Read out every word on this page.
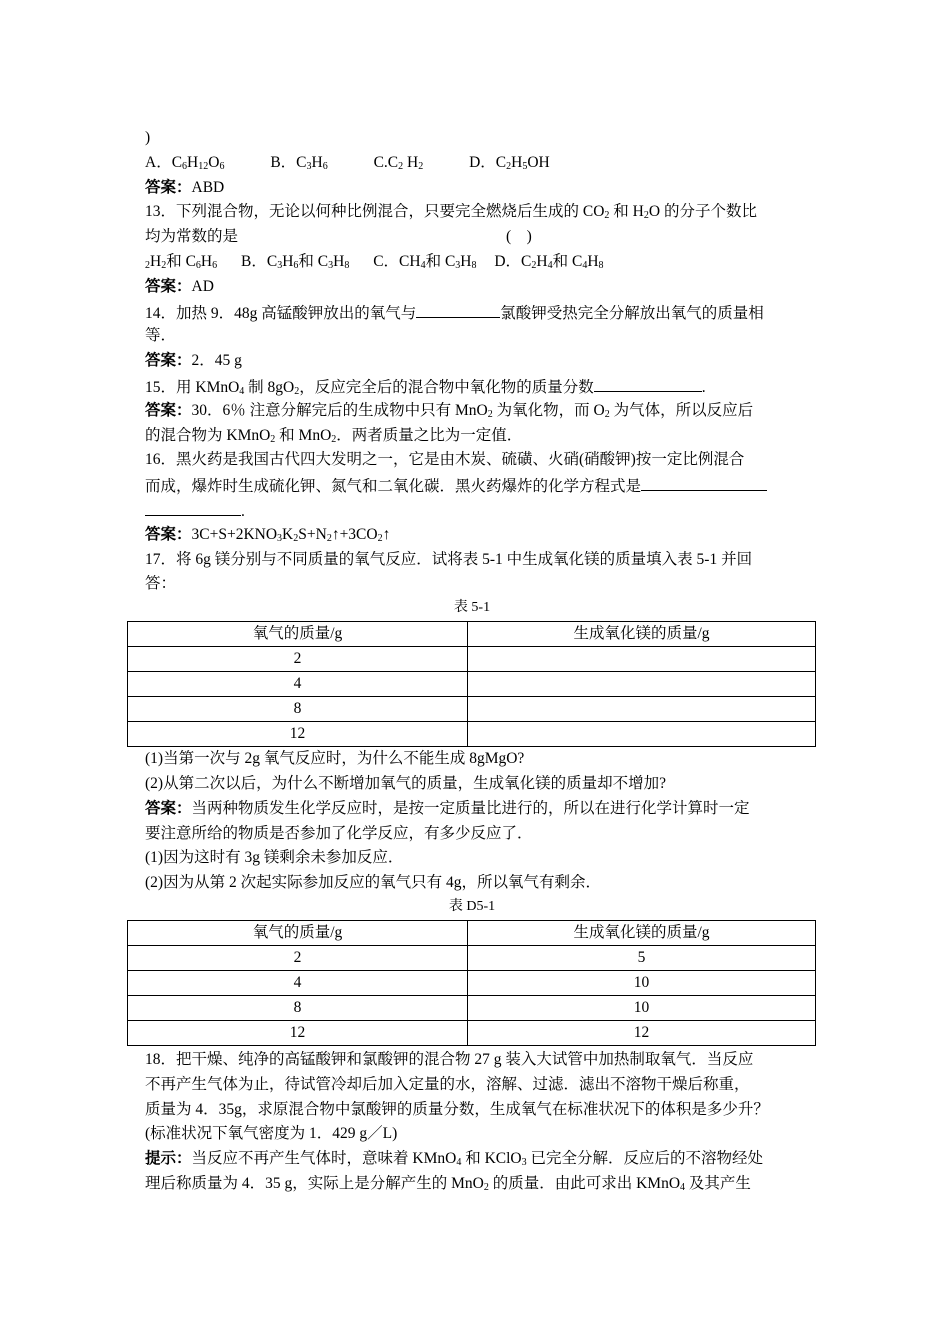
)
A．$C_6H_{12}O_6$	B．$C_3H_6$	$C.C_2$ $H_2$	D．$C_2H_5OH$
答案：ABD
13．下列混合物，无论以何种比例混合，只要完全燃烧后生成的 $CO_2$ 和 $H_2O$ 的分子个数比
均为常数的是	(　)
$_2H_2$和 $C_6H_6$ B．$C_3H_6$和 $C_3H_8$ C．$CH_4$和 $C_3H_8$ D．$C_2H_4$和 $C_4H_8$
答案：AD
14．加热 9．48g 高锰酸钾放出的氧气与	氯酸钾受热完全分解放出氧气的质量相
等．
答案：2．45 g
15．用 KMnO$_4$ 制 $8gO_2$，反应完全后的混合物中氧化物的质量分数	.
答案：30．6％ 注意分解完后的生成物中只有 MnO$_2$ 为氧化物，而 $O_2$ 为气体，所以反应后
的混合物为 KMnO$_2$ 和 MnO$_2$．两者质量之比为一定值．
16．黑火药是我国古代四大发明之一，它是由木炭、硫磺、火硝(硝酸钾)按一定比例混合
而成，爆炸时生成硫化钾、氮气和二氧化碳．黑火药爆炸的化学方程式是
.
答案：$3C+S+2KNO_3K_2S+N_2↑+3CO_2↑$
17．将 6g 镁分别与不同质量的氧气反应．试将表 5-1 中生成氧化镁的质量填入表 5-1 并回
答：
表 5-1
氧气的质量/g	生成氧化镁的质量/g
2	
4	
8	
12	
(1)当第一次与 2g 氧气反应时，为什么不能生成 8gMgO?
(2)从第二次以后，为什么不断增加氧气的质量，生成氧化镁的质量却不增加?
答案：当两种物质发生化学反应时，是按一定质量比进行的，所以在进行化学计算时一定
要注意所给的物质是否参加了化学反应，有多少反应了．
(1)因为这时有 3g 镁剩余未参加反应．
(2)因为从第 2 次起实际参加反应的氧气只有 4g，所以氧气有剩余．
表 D5-1
氧气的质量/g	生成氧化镁的质量/g
2	5
4	10
8	10
12	12
18．把干燥、纯净的高锰酸钾和氯酸钾的混合物 27 g 装入大试管中加热制取氧气．当反应
不再产生气体为止，待试管冷却后加入定量的水，溶解、过滤．滤出不溶物干燥后称重，
质量为 4．35g，求原混合物中氯酸钾的质量分数，生成氧气在标准状况下的体积是多少升？
(标准状况下氧气密度为 1．429 g／L)
提示：当反应不再产生气体时，意味着 KMnO$_4$ 和 KClO$_3$ 已完全分解．反应后的不溶物经处
理后称质量为 4．35 g，实际上是分解产生的 MnO$_2$ 的质量．由此可求出 KMnO$_4$ 及其产生
